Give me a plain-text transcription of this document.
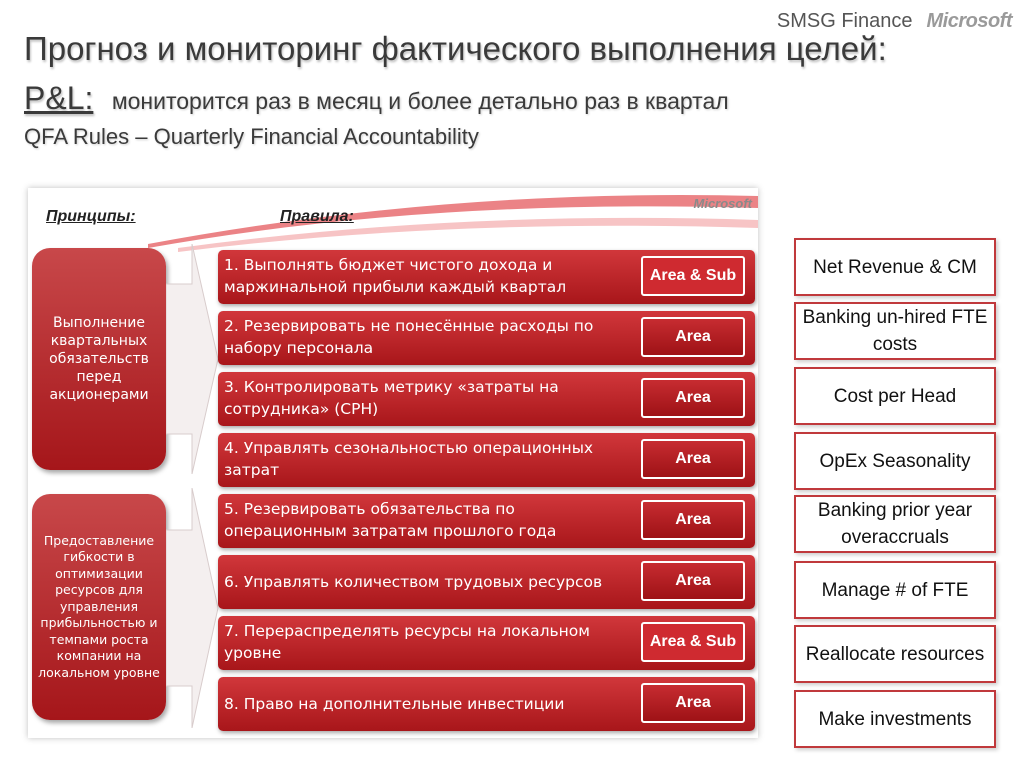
SMSG Finance Microsoft
Прогноз и мониторинг фактического выполнения целей:
P&L: мониторится раз в месяц и более детально раз в квартал
QFA Rules – Quarterly Financial Accountability
Microsoft
Принципы:	Правила:
Выполнение квартальных обязательств перед акционерами
Предоставление гибкости в оптимизации ресурсов для управления прибыльностью и темпами роста компании на локальном уровне
1. Выполнять бюджет чистого дохода и маржинальной прибыли каждый квартал
Area & Sub
2. Резервировать не понесённые расходы по набору персонала
Area
3. Контролировать метрику «затраты на сотрудника» (CPH)
Area
4. Управлять сезональностью операционных затрат
Area
5. Резервировать обязательства по операционным затратам прошлого года
Area
6. Управлять количеством трудовых ресурсов	Area
7. Перераспределять ресурсы на локальном уровне
Area & Sub
8. Право на дополнительные инвестиции	Area
Net Revenue & CM
Banking un-hired FTE costs
Cost per Head
OpEx Seasonality
Banking prior year overaccruals
Manage # of FTE
Reallocate resources
Make investments
